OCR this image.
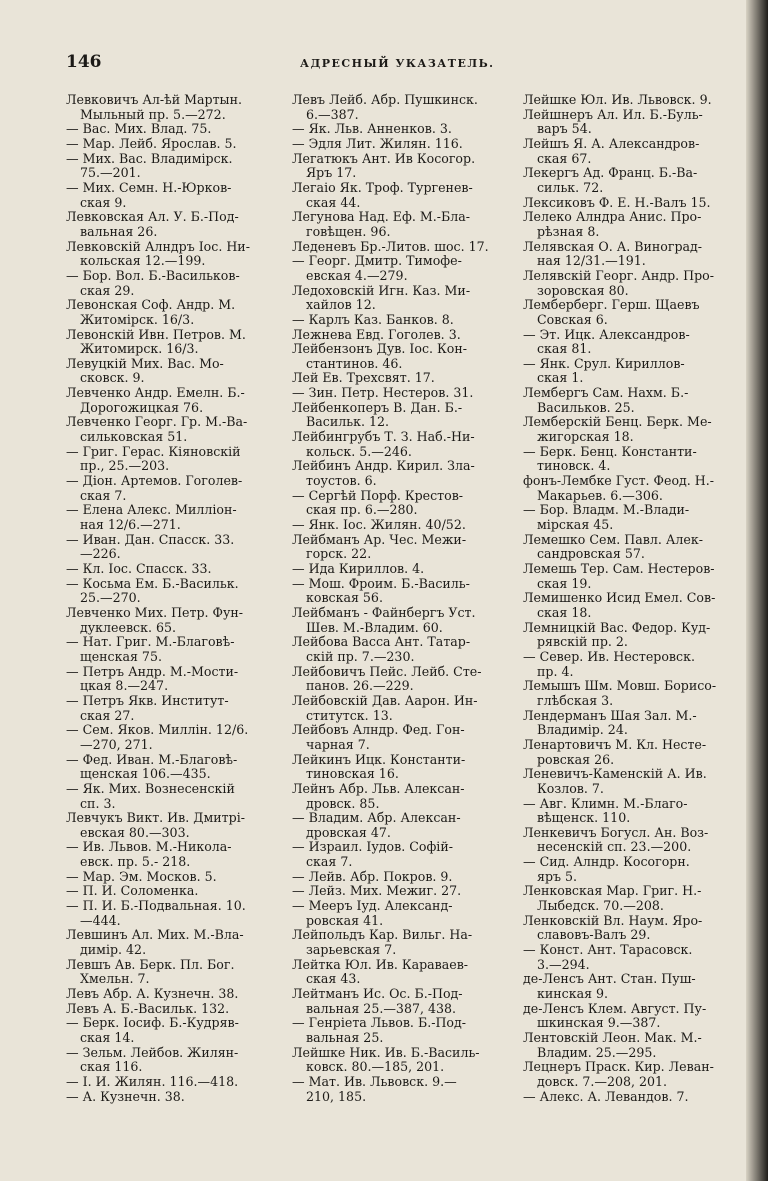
146	АДРЕСНЫЙ УКАЗАТЕЛЬ.
Левковичъ Ал-ѣй Мартын.
Мыльный пр. 5.—272.
— Вас. Мих. Влад. 75.
— Мар. Лейб. Ярослав. 5.
— Мих. Вас. Владимірск.
75.—201.
— Мих. Семн. Н.-Юрков-
ская 9.
Левковская Ал. У. Б.-Под-
вальная 26.
Левковскій Алндръ Іос. Ни-
кольская 12.—199.
— Бор. Вол. Б.-Васильков-
ская 29.
Левонская Соф. Андр. М.
Житомірск. 16/3.
Левонскій Ивн. Петров. М.
Житомирск. 16/3.
Левуцкій Мих. Вас. Мо-
сковск. 9.
Левченко Андр. Емелн. Б.-
Дорогожицкая 76.
Левченко Георг. Гр. М.-Ва-
сильковская 51.
— Григ. Герас. Кіяновскій
пр., 25.—203.
— Діон. Артемов. Гоголев-
ская 7.
— Елена Алекс. Милліон-
ная 12/6.—271.
— Иван. Дан. Спасск. 33.
—226.
— Кл. Іос. Спасск. 33.
— Косьма Ем. Б.-Васильк.
25.—270.
Левченко Мих. Петр. Фун-
дуклеевск. 65.
— Нат. Григ. М.-Благовѣ-
щенская 75.
— Петръ Андр. М.-Мости-
цкая 8.—247.
— Петръ Якв. Институт-
ская 27.
— Сем. Яков. Миллін. 12/6.
—270, 271.
— Фед. Иван. М.-Благовѣ-
щенская 106.—435.
— Як. Мих. Вознесенскій
сп. 3.
Левчукъ Викт. Ив. Дмитрі-
евская 80.—303.
— Ив. Львов. М.-Никола-
евск. пр. 5.- 218.
— Мар. Эм. Москов. 5.
— П. И. Соломенка.
— П. И. Б.-Подвальная. 10.
—444.
Левшинъ Ал. Мих. М.-Вла-
димір. 42.
Левшъ Ав. Берк. Пл. Бог.
Хмельн. 7.
Левъ Абр. А. Кузнечн. 38.
Левъ А. Б.-Васильк. 132.
— Берк. Іосиф. Б.-Кудряв-
ская 14.
— Зельм. Лейбов. Жилян-
ская 116.
— І. И. Жилян. 116.—418.
— А. Кузнечн. 38.
Левъ Лейб. Абр. Пушкинск.
6.—387.
— Як. Льв. Анненков. 3.
— Эдля Лит. Жилян. 116.
Легатюкъ Ант. Ив Косогор.
Яръ 17.
Легаіо Як. Троф. Тургенев-
ская 44.
Легунова Над. Еф. М.-Бла-
говѣщен. 96.
Леденевъ Бр.-Литов. шос. 17.
— Георг. Дмитр. Тимофе-
евская 4.—279.
Ледоховскій Игн. Каз. Ми-
хайлов 12.
— Карлъ Каз. Банков. 8.
Лежнева Евд. Гоголев. 3.
Лейбензонъ Дув. Іос. Кон-
стантинов. 46.
Лей Ев. Трехсвят. 17.
— Зин. Петр. Нестеров. 31.
Лейбенкоперъ В. Дан. Б.-
Васильк. 12.
Лейбингрубъ Т. З. Наб.-Ни-
кольск. 5.—246.
Лейбинъ Андр. Кирил. Зла-
тоустов. 6.
— Сергѣй Порф. Крестов-
ская пр. 6.—280.
— Янк. Іос. Жилян. 40/52.
Лейбманъ Ар. Чес. Межи-
горск. 22.
— Ида Кириллов. 4.
— Мош. Фроим. Б.-Василь-
ковская 56.
Лейбманъ - Файнбергъ Уст.
Шев. М.-Владим. 60.
Лейбова Васса Ант. Татар-
скій пр. 7.—230.
Лейбовичъ Пейс. Лейб. Сте-
панов. 26.—229.
Лейбовскій Дав. Аарон. Ин-
ститутск. 13.
Лейбовъ Алндр. Фед. Гон-
чарная 7.
Лейкинъ Ицк. Константи-
тиновская 16.
Лейнъ Абр. Льв. Алексан-
дровск. 85.
— Владим. Абр. Алексан-
дровская 47.
— Израил. Іудов. Софій-
ская 7.
— Лейв. Абр. Покров. 9.
— Лейз. Мих. Межиг. 27.
— Мееръ Іуд. Александ-
ровская 41.
Лейпольдъ Кар. Вильг. На-
зарьевская 7.
Лейтка Юл. Ив. Караваев-
ская 43.
Лейтманъ Ис. Ос. Б.-Под-
вальная 25.—387, 438.
— Генріета Львов. Б.-Под-
вальная 25.
Лейшке Ник. Ив. Б.-Василь-
ковск. 80.—185, 201.
— Мат. Ив. Львовск. 9.—
210, 185.
Лейшке Юл. Ив. Львовск. 9.
Лейшнеръ Ал. Ил. Б.-Буль-
варъ 54.
Лейшъ Я. А. Александров-
ская 67.
Лекергъ Ад. Франц. Б.-Ва-
сильк. 72.
Лексиковъ Ф. Е. Н.-Валъ 15.
Лелеко Алндра Анис. Про-
рѣзная 8.
Лелявская О. А. Виноград-
ная 12/31.—191.
Лелявскій Георг. Андр. Про-
зоровская 80.
Лемберберг. Герш. Щаевъ
Совская 6.
— Эт. Ицк. Александров-
ская 81.
— Янк. Срул. Кириллов-
ская 1.
Лембергъ Сам. Нахм. Б.-
Васильков. 25.
Лемберскій Бенц. Берк. Ме-
жигорская 18.
— Берк. Бенц. Константи-
тиновск. 4.
фонъ-Лембке Густ. Феод. Н.-
Макарьев. 6.—306.
— Бор. Владм. М.-Влади-
мірская 45.
Лемешко Сем. Павл. Алек-
сандровская 57.
Лемешь Тер. Сам. Нестеров-
ская 19.
Лемишенко Исид Емел. Сов-
ская 18.
Лемницкій Вас. Федор. Куд-
рявскій пр. 2.
— Север. Ив. Нестеровск.
пр. 4.
Лемышъ Шм. Мовш. Борисо-
глѣбская 3.
Лендерманъ Шая Зал. М.-
Владимір. 24.
Ленартовичъ М. Кл. Несте-
ровская 26.
Леневичъ-Каменскій А. Ив.
Козлов. 7.
— Авг. Климн. М.-Благо-
вѣщенск. 110.
Ленкевичъ Богусл. Ан. Воз-
несенскій сп. 23.—200.
— Сид. Алндр. Косогорн.
яръ 5.
Ленковская Мар. Григ. Н.-
Лыбедск. 70.—208.
Ленковскій Вл. Наум. Яро-
славовъ-Валъ 29.
— Конст. Ант. Тарасовск.
3.—294.
де-Ленсъ Ант. Стан. Пуш-
кинская 9.
де-Ленсъ Клем. Август. Пу-
шкинская 9.—387.
Лентовскій Леон. Мак. М.-
Владим. 25.—295.
Лецнеръ Праск. Кир. Леван-
довск. 7.—208, 201.
— Алекс. А. Левандов. 7.
